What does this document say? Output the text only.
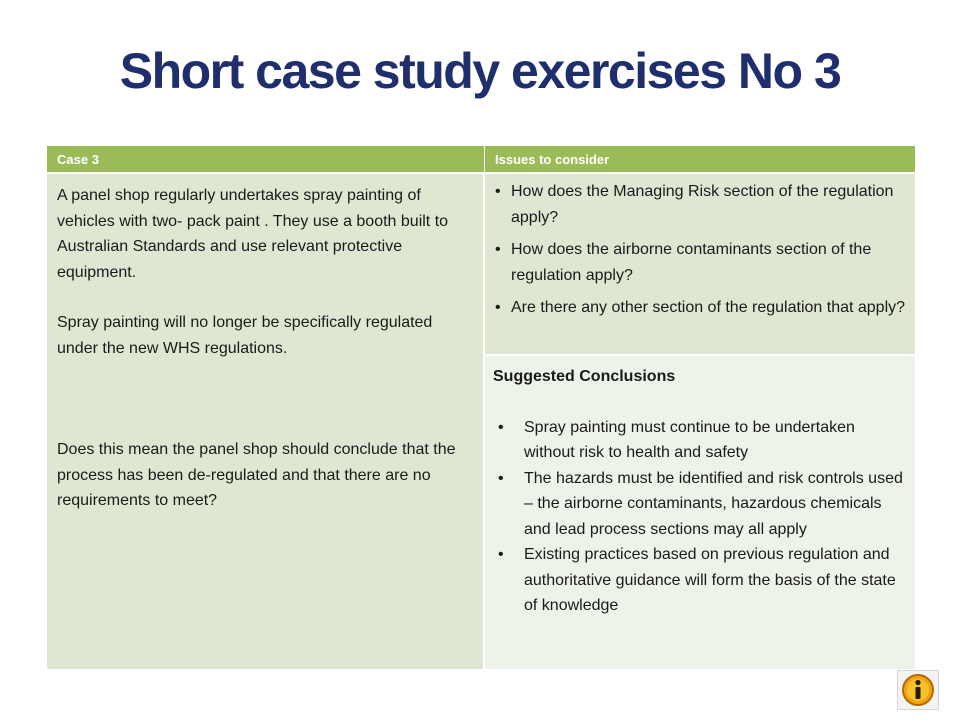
Short case study exercises No 3
Case 3	Issues to consider

A panel shop regularly undertakes spray painting of vehicles with two- pack paint . They use a booth built to Australian Standards and use relevant protective equipment.

Spray painting will no longer be specifically regulated under the new WHS regulations.

Does this mean the panel shop should conclude that the process has been de-regulated and that there are no requirements to meet?

• How does the Managing Risk section of the regulation apply?
• How does the airborne contaminants section of the regulation apply?
• Are there any other section of the regulation that apply?

Suggested Conclusions

• Spray painting must continue to be undertaken without risk to health and safety
• The hazards must be identified and risk controls used – the airborne contaminants, hazardous chemicals and lead process sections may all apply
• Existing practices based on previous regulation and authoritative guidance will form the basis of the state of knowledge
